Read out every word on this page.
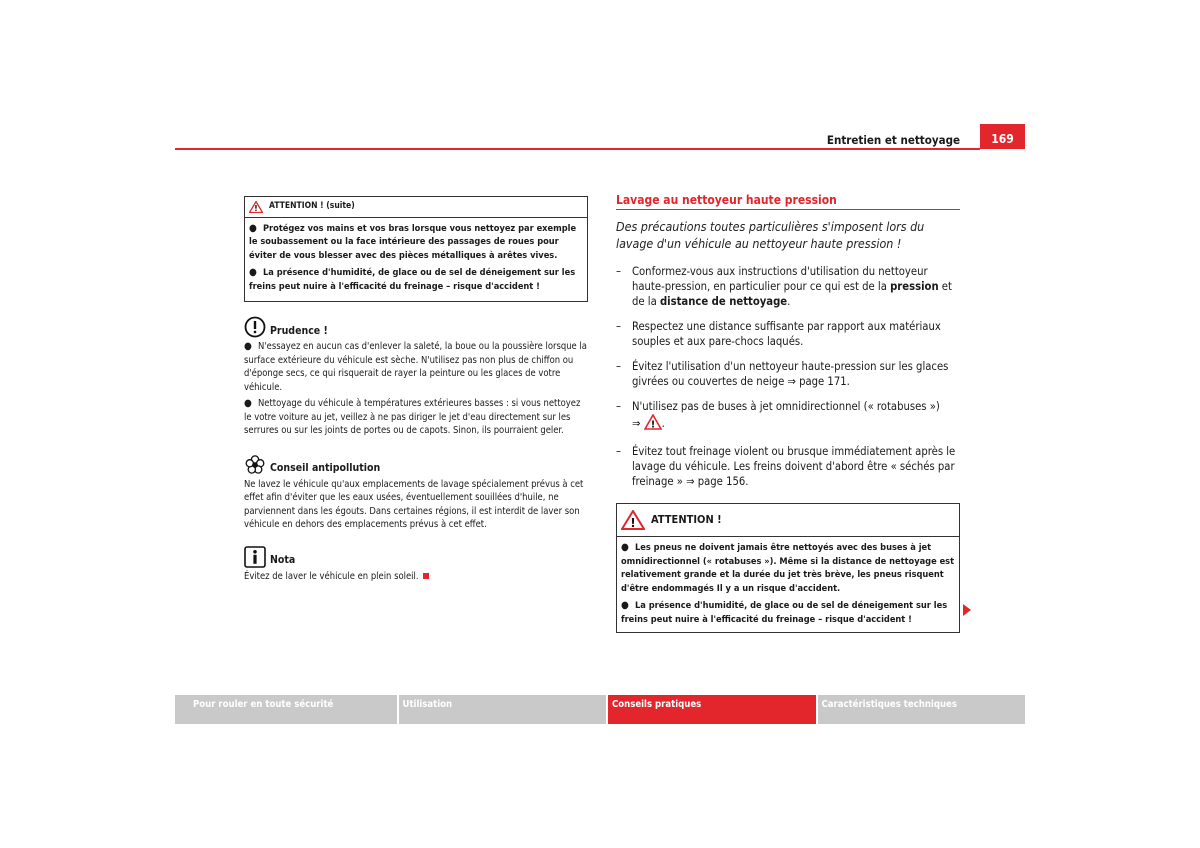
Entretien et nettoyage	169
! ATTENTION ! (suite)

● Protégez vos mains et vos bras lorsque vous nettoyez par exemple le soubassement ou la face intérieure des passages de roues pour éviter de vous blesser avec des pièces métalliques à arêtes vives.

● La présence d'humidité, de glace ou de sel de déneigement sur les freins peut nuire à l'efficacité du freinage – risque d'accident !

Prudence !

● N'essayez en aucun cas d'enlever la saleté, la boue ou la poussière lorsque la surface extérieure du véhicule est sèche. N'utilisez pas non plus de chiffon ou d'éponge secs, ce qui risquerait de rayer la peinture ou les glaces de votre véhicule.

● Nettoyage du véhicule à températures extérieures basses : si vous nettoyez le votre voiture au jet, veillez à ne pas diriger le jet d'eau directement sur les serrures ou sur les joints de portes ou de capots. Sinon, ils pourraient geler.

Conseil antipollution

Ne lavez le véhicule qu'aux emplacements de lavage spécialement prévus à cet effet afin d'éviter que les eaux usées, éventuellement souillées d'huile, ne parviennent dans les égouts. Dans certaines régions, il est interdit de laver son véhicule en dehors des emplacements prévus à cet effet.

Nota

Évitez de laver le véhicule en plein soleil.

Lavage au nettoyeur haute pression
Des précautions toutes particulières s'imposent lors du lavage d'un véhicule au nettoyeur haute pression !
– Conformez-vous aux instructions d'utilisation du nettoyeur haute-pression, en particulier pour ce qui est de la pression et de la distance de nettoyage.
– Respectez une distance suffisante par rapport aux matériaux souples et aux pare-chocs laqués.
– Évitez l'utilisation d'un nettoyeur haute-pression sur les glaces givrées ou couvertes de neige ⇒ page 171.
– N'utilisez pas de buses à jet omnidirectionnel (« rotabuses »)
⇒ ! .
– Évitez tout freinage violent ou brusque immédiatement après le lavage du véhicule. Les freins doivent d'abord être « séchés par freinage » ⇒ page 156.
! ATTENTION !

● Les pneus ne doivent jamais être nettoyés avec des buses à jet omnidirectionnel (« rotabuses »). Même si la distance de nettoyage est relativement grande et la durée du jet très brève, les pneus risquent d'être endommagés Il y a un risque d'accident.

● La présence d'humidité, de glace ou de sel de déneigement sur les freins peut nuire à l'efficacité du freinage – risque d'accident !

Pour rouler en toute sécurité	Utilisation	Conseils pratiques	Caractéristiques techniques
